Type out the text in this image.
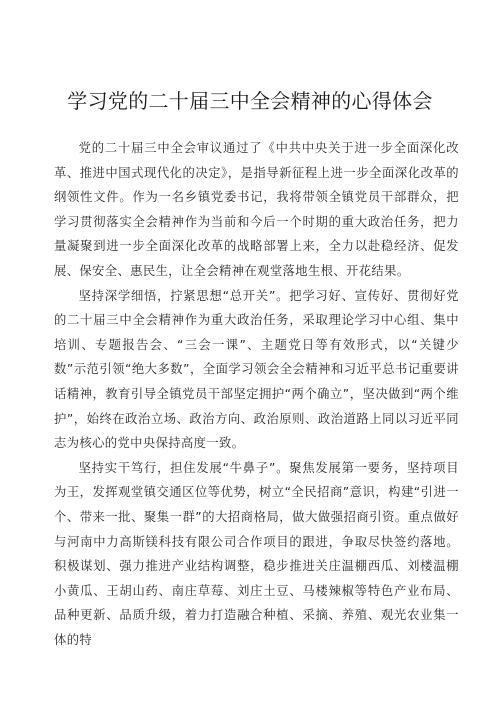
学习党的二十届三中全会精神的心得体会

党的二十届三中全会审议通过了《中共中央关于进一步全面深化改革、推进中国式现代化的决定》，是指导新征程上进一步全面深化改革的纲领性文件。作为一名乡镇党委书记，我将带领全镇党员干部群众，把学习贯彻落实全会精神作为当前和今后一个时期的重大政治任务，把力量凝聚到进一步全面深化改革的战略部署上来，全力以赴稳经济、促发展、保安全、惠民生，让全会精神在观堂落地生根、开花结果。

坚持深学细悟，拧紧思想“总开关”。把学习好、宣传好、贯彻好党的二十届三中全会精神作为重大政治任务，采取理论学习中心组、集中培训、专题报告会、“三会一课”、主题党日等有效形式，以“关键少数”示范引领“绝大多数”，全面学习领会全会精神和习近平总书记重要讲话精神，教育引导全镇党员干部坚定拥护“两个确立”，坚决做到“两个维护”，始终在政治立场、政治方向、政治原则、政治道路上同以习近平同志为核心的党中央保持高度一致。

坚持实干笃行，担住发展“牛鼻子”。聚焦发展第一要务，坚持项目为王，发挥观堂镇交通区位等优势，树立“全民招商”意识，构建“引进一个、带来一批、聚集一群”的大招商格局，做大做强招商引资。重点做好与河南中力高斯镁科技有限公司合作项目的跟进，争取尽快签约落地。积极谋划、强力推进产业结构调整，稳步推进关庄温棚西瓜、刘楼温棚小黄瓜、王胡山药、南庄草莓、刘庄土豆、马楼辣椒等特色产业布局、品种更新、品质升级，着力打造融合种植、采摘、养殖、观光农业集一体的特
